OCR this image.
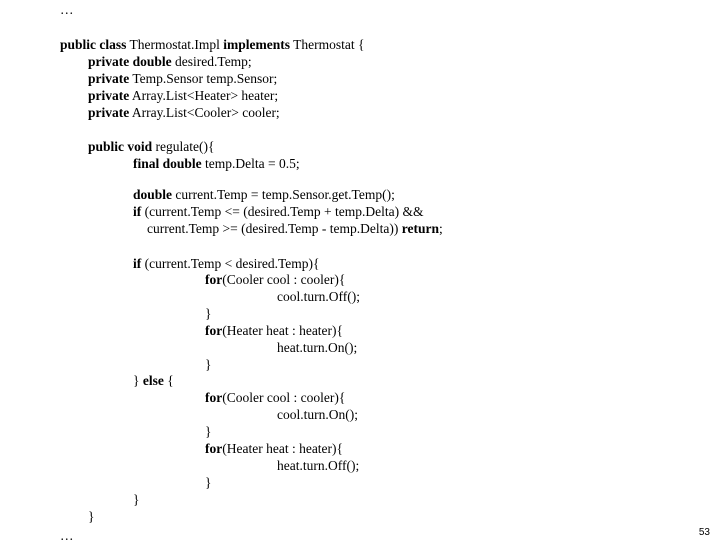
…
public class Thermostat.Impl implements Thermostat {
private double desired.Temp;
private Temp.Sensor temp.Sensor;
private Array.List<Heater> heater;
private Array.List<Cooler> cooler;
public void regulate(){
final double temp.Delta = 0.5;
double current.Temp = temp.Sensor.get.Temp();
if (current.Temp <= (desired.Temp + temp.Delta) &&
current.Temp >= (desired.Temp - temp.Delta)) return;
if (current.Temp < desired.Temp){
for(Cooler cool : cooler){
cool.turn.Off();
}
for(Heater heat : heater){
heat.turn.On();
}
} else {
for(Cooler cool : cooler){
cool.turn.On();
}
for(Heater heat : heater){
heat.turn.Off();
}
}
}
…	53
